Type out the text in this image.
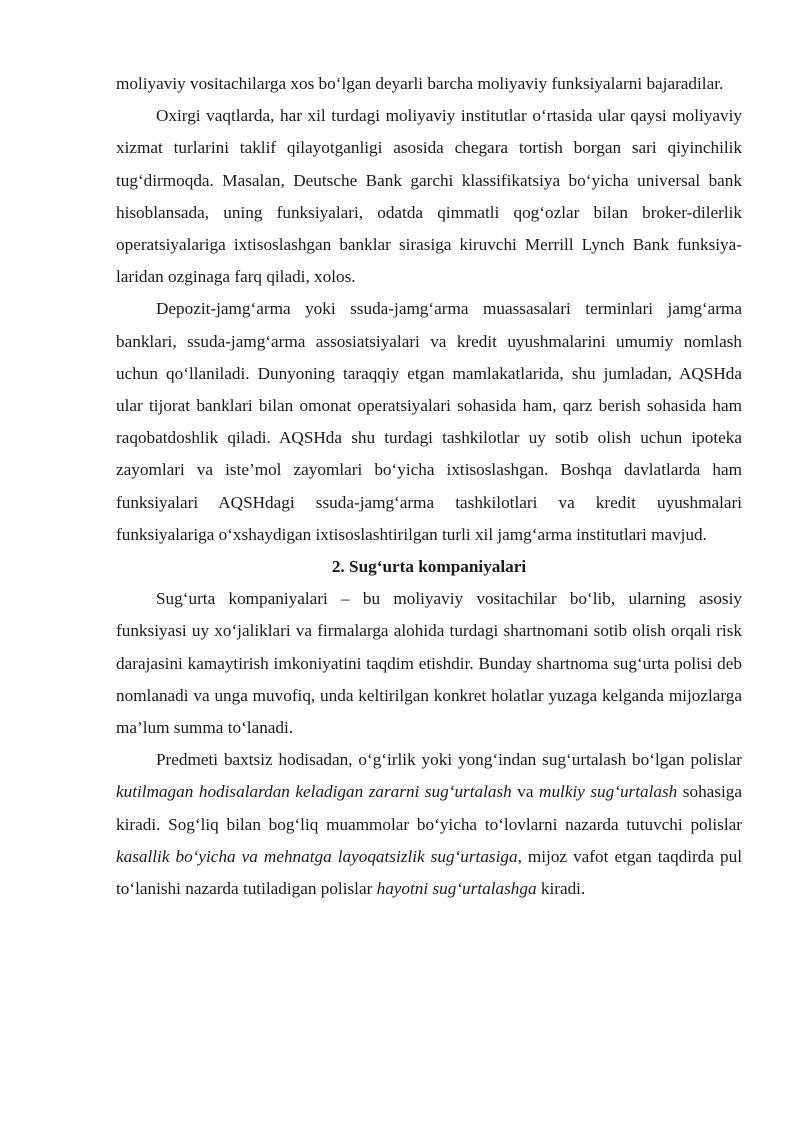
moliyaviy vositachilarga xos bo‘lgan deyarli barcha moliyaviy funksiyalarni bajaradilar.

Oxirgi vaqtlarda, har xil turdagi moliyaviy institutlar o‘rtasida ular qaysi moliyaviy xizmat turlarini taklif qilayotganligi asosida chegara tortish borgan sari qiyinchilik tug‘dirmoqda. Masalan, Deutsche Bank garchi klassifikatsiya bo‘yicha universal bank hisoblansada, uning funksiyalari, odatda qimmatli qog‘ozlar bilan broker-dilerlik operatsiyalariga ixtisoslashgan banklar sirasiga kiruvchi Merrill Lynch Bank funksiya-laridan ozginaga farq qiladi, xolos.

Depozit-jamg‘arma yoki ssuda-jamg‘arma muassasalari terminlari jamg‘arma banklari, ssuda-jamg‘arma assosiatsiyalari va kredit uyushmalarini umumiy nomlash uchun qo‘llaniladi. Dunyoning taraqqiy etgan mamlakatlarida, shu jumladan, AQSHda ular tijorat banklari bilan omonat operatsiyalari sohasida ham, qarz berish sohasida ham raqobatdoshlik qiladi. AQSHda shu turdagi tashkilotlar uy sotib olish uchun ipoteka zayomlari va iste’mol zayomlari bo‘yicha ixtisoslashgan. Boshqa davlatlarda ham funksiyalari AQSHdagi ssuda-jamg‘arma tashkilotlari va kredit uyushmalari funksiyalariga o‘xshaydigan ixtisoslashtirilgan turli xil jamg‘arma institutlari mavjud.

2. Sug‘urta kompaniyalari

Sug‘urta kompaniyalari – bu moliyaviy vositachilar bo‘lib, ularning asosiy funksiyasi uy xo‘jaliklari va firmalarga alohida turdagi shartnomani sotib olish orqali risk darajasini kamaytirish imkoniyatini taqdim etishdir. Bunday shartnoma sug‘urta polisi deb nomlanadi va unga muvofiq, unda keltirilgan konkret holatlar yuzaga kelganda mijozlarga ma’lum summa to‘lanadi.

Predmeti baxtsiz hodisadan, o‘g‘irlik yoki yong‘indan sug‘urtalash bo‘lgan polislar kutilmagan hodisalardan keladigan zararni sug‘urtalash va mulkiy sug‘urtalash sohasiga kiradi. Sog‘liq bilan bog‘liq muammolar bo‘yicha to‘lovlarni nazarda tutuvchi polislar kasallik bo‘yicha va mehnatga layoqatsizlik sug‘urtasiga, mijoz vafot etgan taqdirda pul to‘lanishi nazarda tutiladigan polislar hayotni sug‘urtalashga kiradi.
